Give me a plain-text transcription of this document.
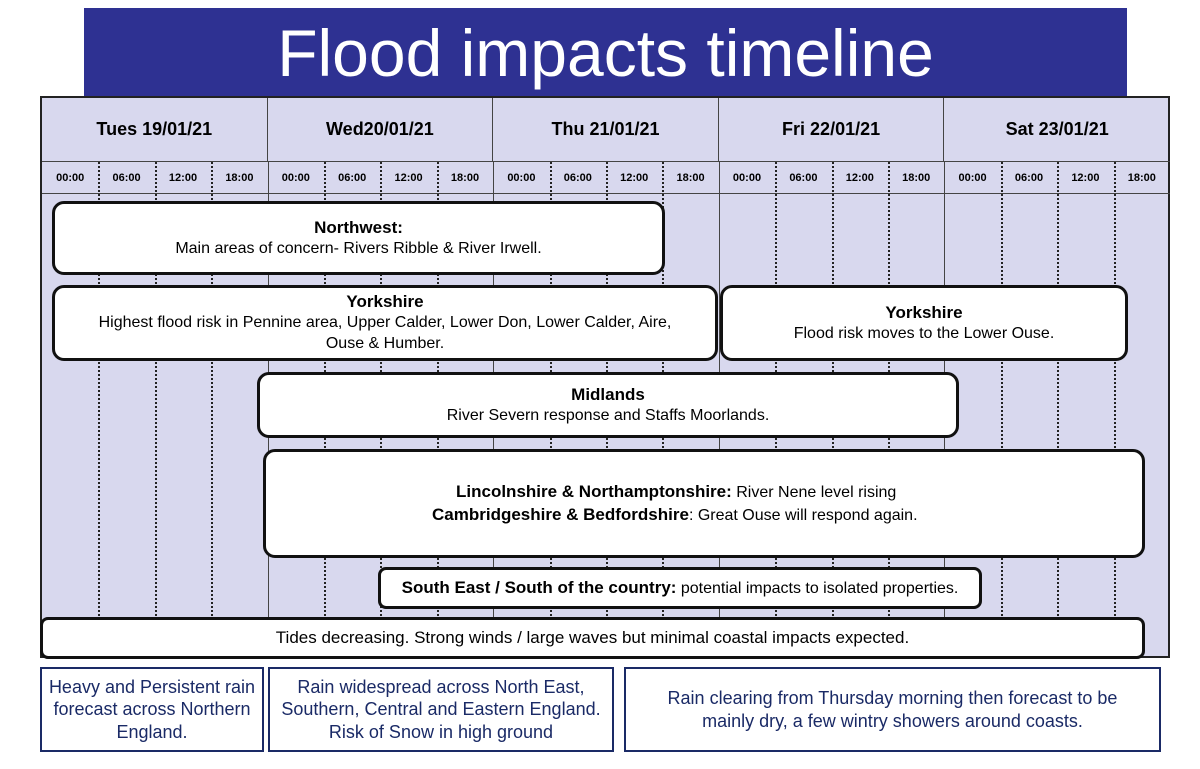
Flood impacts timeline
Tues 19/01/21
00:00	06:00	12:00	18:00
Wed20/01/21
00:00	06:00	12:00	18:00
Thu 21/01/21
00:00	06:00	12:00	18:00
Fri 22/01/21
00:00	06:00	12:00	18:00
Sat 23/01/21
00:00	06:00	12:00	18:00
Northwest:
Main areas of concern- Rivers Ribble & River Irwell.
Yorkshire
Highest flood risk in Pennine area, Upper Calder, Lower Don, Lower Calder, Aire, Ouse & Humber.
Yorkshire
Flood risk moves to the Lower Ouse.
Midlands
River Severn response and Staffs Moorlands.
Lincolnshire & Northamptonshire: River Nene level rising
Cambridgeshire & Bedfordshire: Great Ouse will respond again.
South East / South of the country: potential impacts to isolated properties.
Tides decreasing. Strong winds / large waves but minimal coastal impacts expected.
Heavy and Persistent rain forecast across Northern England.
Rain widespread across North East, Southern, Central and Eastern England. Risk of Snow in high ground
Rain clearing from Thursday morning then forecast to be mainly dry, a few wintry showers around coasts.
